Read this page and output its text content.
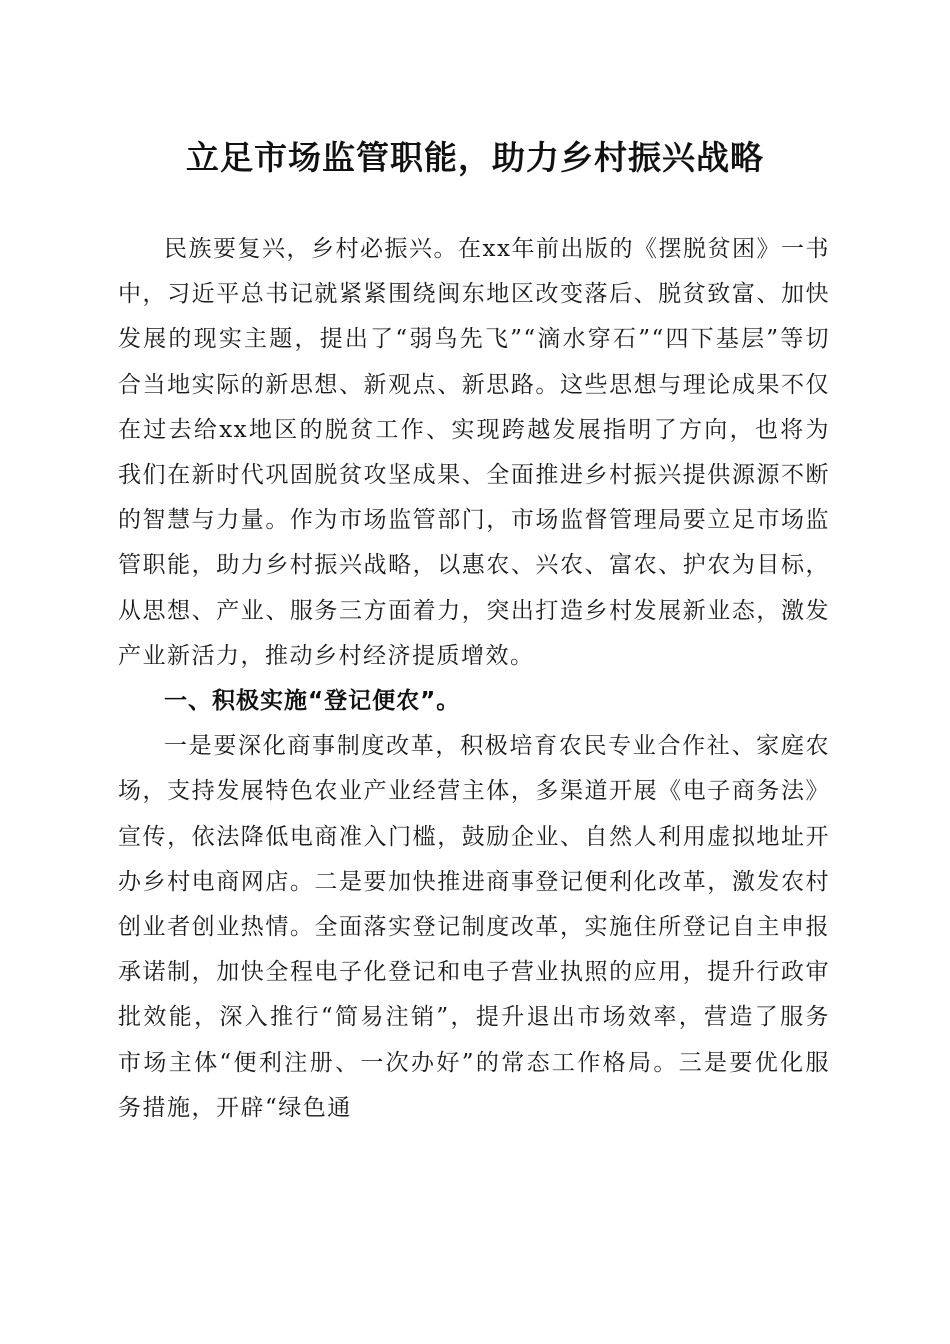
立足市场监管职能，助力乡村振兴战略

民族要复兴，乡村必振兴。在xx年前出版的《摆脱贫困》一书中，习近平总书记就紧紧围绕闽东地区改变落后、脱贫致富、加快发展的现实主题，提出了“弱鸟先飞”“滴水穿石”“四下基层”等切合当地实际的新思想、新观点、新思路。这些思想与理论成果不仅在过去给xx地区的脱贫工作、实现跨越发展指明了方向，也将为我们在新时代巩固脱贫攻坚成果、全面推进乡村振兴提供源源不断的智慧与力量。作为市场监管部门，市场监督管理局要立足市场监管职能，助力乡村振兴战略，以惠农、兴农、富农、护农为目标，从思想、产业、服务三方面着力，突出打造乡村发展新业态，激发产业新活力，推动乡村经济提质增效。

一、积极实施“登记便农”。

一是要深化商事制度改革，积极培育农民专业合作社、家庭农场，支持发展特色农业产业经营主体，多渠道开展《电子商务法》宣传，依法降低电商准入门槛，鼓励企业、自然人利用虚拟地址开办乡村电商网店。二是要加快推进商事登记便利化改革，激发农村创业者创业热情。全面落实登记制度改革，实施住所登记自主申报承诺制，加快全程电子化登记和电子营业执照的应用，提升行政审批效能，深入推行“简易注销”，提升退出市场效率，营造了服务市场主体“便利注册、一次办好”的常态工作格局。三是要优化服务措施，开辟“绿色通
